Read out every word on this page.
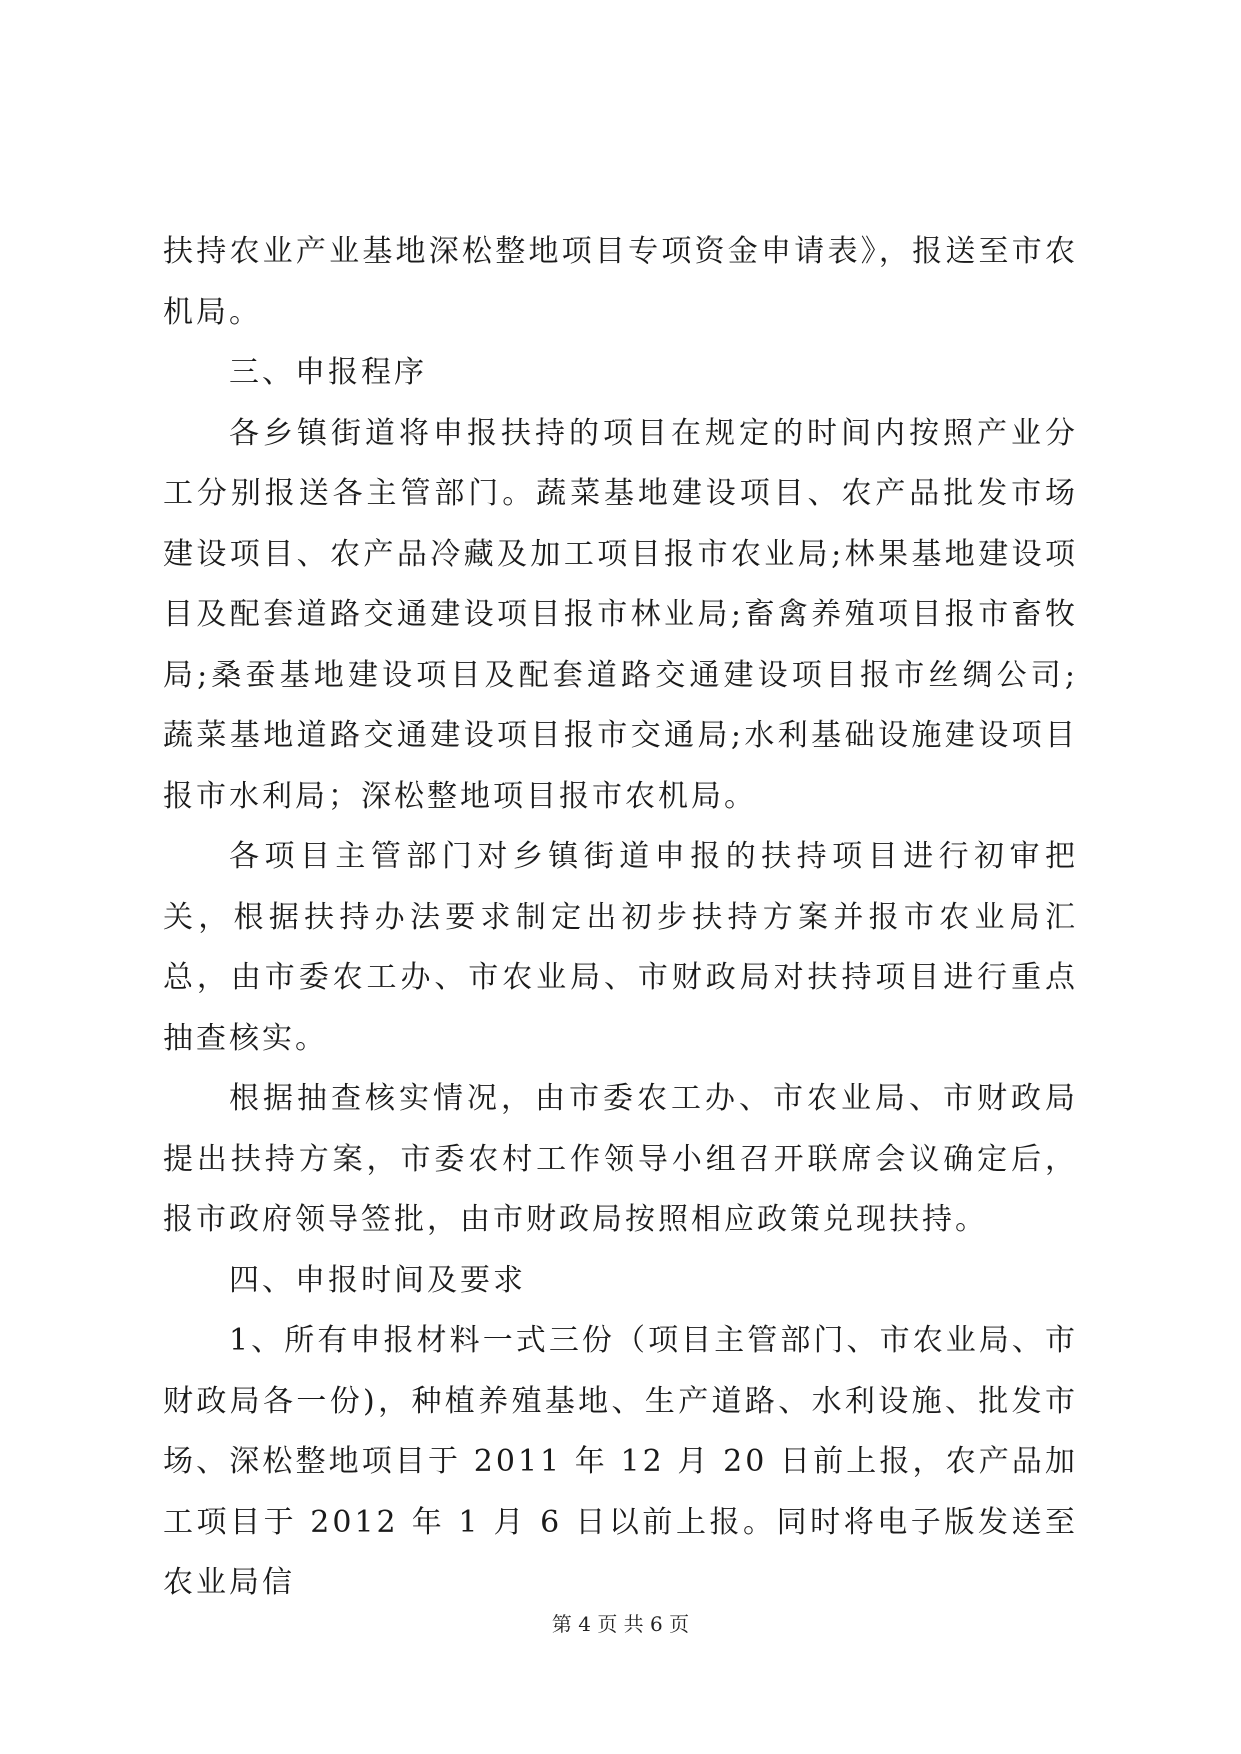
扶持农业产业基地深松整地项目专项资金申请表》，报送至市农机局。

三、申报程序

各乡镇街道将申报扶持的项目在规定的时间内按照产业分工分别报送各主管部门。蔬菜基地建设项目、农产品批发市场建设项目、农产品冷藏及加工项目报市农业局;林果基地建设项目及配套道路交通建设项目报市林业局;畜禽养殖项目报市畜牧局;桑蚕基地建设项目及配套道路交通建设项目报市丝绸公司;蔬菜基地道路交通建设项目报市交通局;水利基础设施建设项目报市水利局；深松整地项目报市农机局。

各项目主管部门对乡镇街道申报的扶持项目进行初审把关，根据扶持办法要求制定出初步扶持方案并报市农业局汇总，由市委农工办、市农业局、市财政局对扶持项目进行重点抽查核实。

根据抽查核实情况，由市委农工办、市农业局、市财政局提出扶持方案，市委农村工作领导小组召开联席会议确定后，报市政府领导签批，由市财政局按照相应政策兑现扶持。

四、申报时间及要求

1、所有申报材料一式三份（项目主管部门、市农业局、市财政局各一份)，种植养殖基地、生产道路、水利设施、批发市场、深松整地项目于 2011 年 12 月 20 日前上报，农产品加工项目于 2012 年 1 月 6 日以前上报。同时将电子版发送至农业局信

第 4 页 共 6 页
